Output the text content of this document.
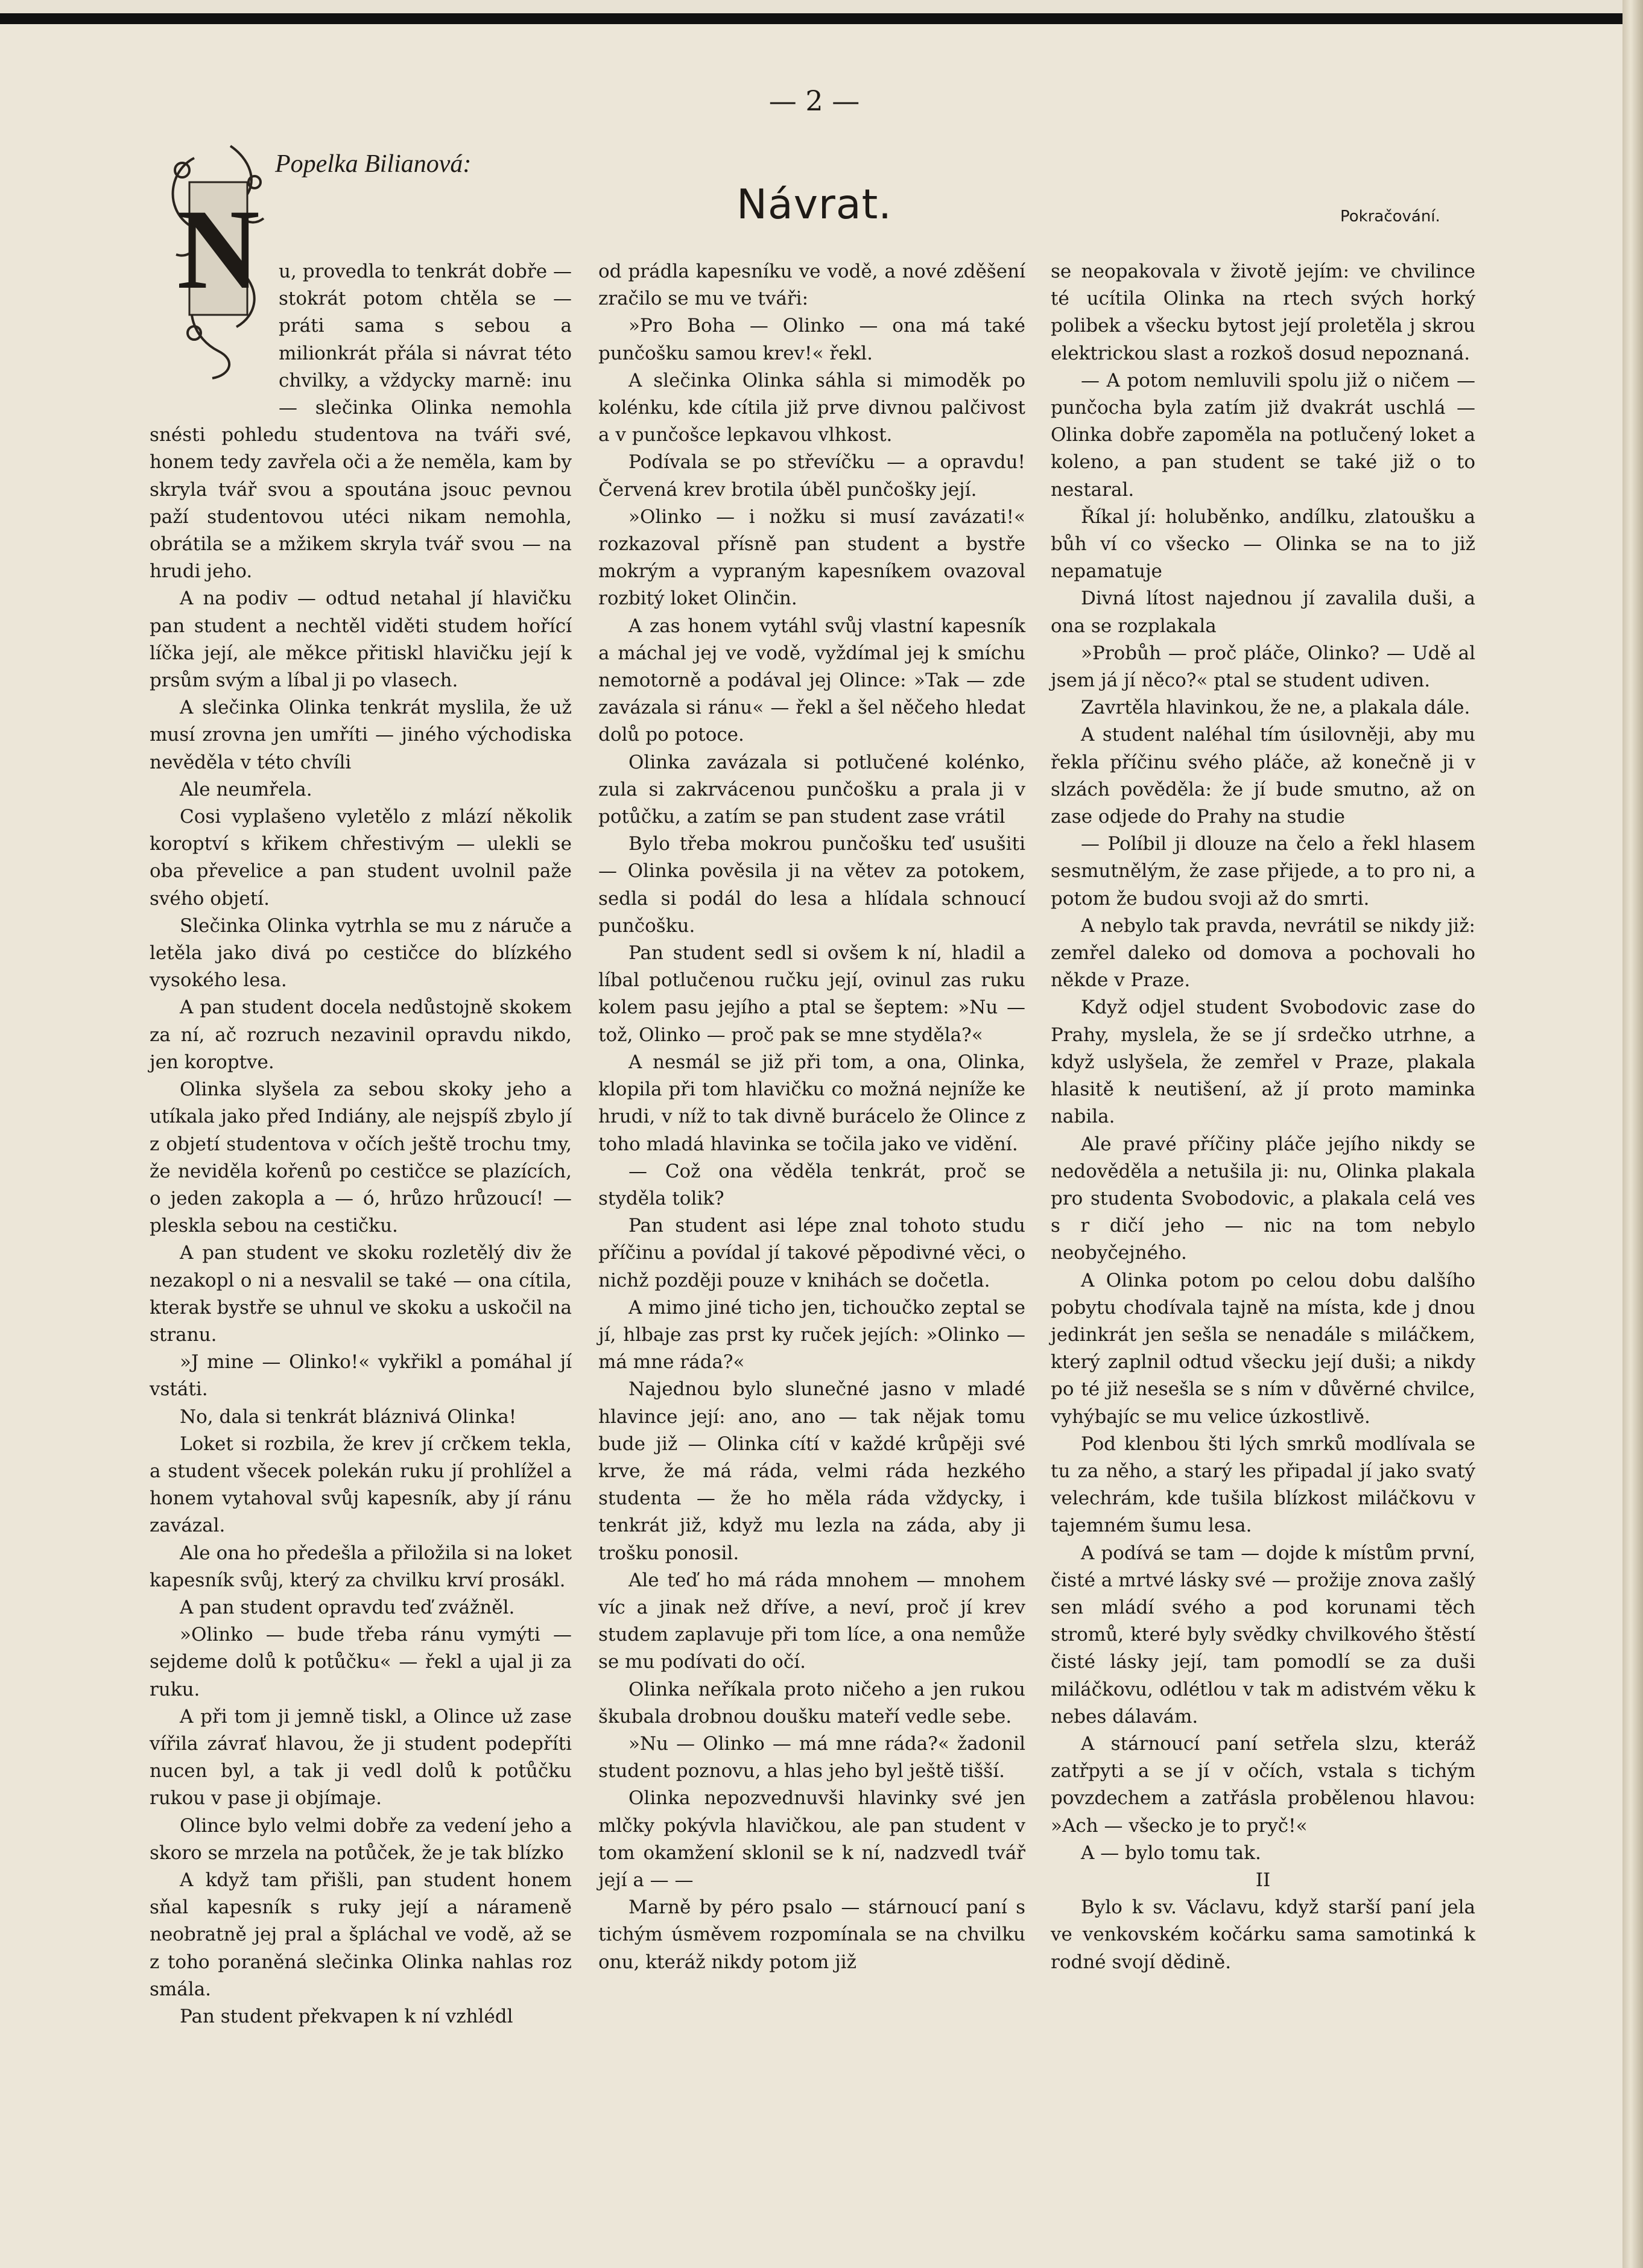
— 2 —
Popelka Bilianová:
Návrat.	Pokračování.
N	u, provedla to tenkrát dobře — stokrát potom chtěla se — práti sama s sebou a milionkrát přála si návrat této chvilky, a vždycky marně: inu — slečinka Olinka nemohla snésti pohledu studentova na tváři své, honem tedy zavřela oči a že neměla, kam by skryla tvář svou a spoutána jsouc pevnou paží studentovou utéci nikam nemohla, obrátila se a mžikem skryla tvář svou — na hrudi jeho.

A na podiv — odtud netahal jí hlavičku pan student a nechtěl viděti studem hořící líčka její, ale měkce přitiskl hlavičku její k prsům svým a líbal ji po vlasech.

A slečinka Olinka tenkrát myslila, že už musí zrovna jen umříti — jiného východiska nevěděla v této chvíli

Ale neumřela.

Cosi vyplašeno vyletělo z mlází několik koroptví s křikem chřestivým — ulekli se oba převelice a pan student uvolnil paže svého objetí.

Slečinka Olinka vytrhla se mu z náruče a letěla jako divá po cestičce do blízkého vysokého lesa.

A pan student docela nedůstojně skokem za ní, ač rozruch nezavinil opravdu nikdo, jen koroptve.

Olinka slyšela za sebou skoky jeho a utíkala jako před Indiány, ale nejspíš zbylo jí z objetí studentova v očích ještě trochu tmy, že neviděla kořenů po cestičce se plazících, o jeden zakopla a — ó, hrůzo hrůzoucí! — pleskla sebou na cestičku.

A pan student ve skoku rozletělý div že nezakopl o ni a nesvalil se také — ona cítila, kterak bystře se uhnul ve skoku a uskočil na stranu.

»J mine — Olinko!« vykřikl a pomáhal jí vstáti.

No, dala si tenkrát bláznivá Olinka!

Loket si rozbila, že krev jí crčkem tekla, a student všecek polekán ruku jí prohlížel a honem vytahoval svůj kapesník, aby jí ránu zavázal.

Ale ona ho předešla a přiložila si na loket kapesník svůj, který za chvilku krví prosákl.

A pan student opravdu teď zvážněl.

»Olinko — bude třeba ránu vymýti — sejdeme dolů k potůčku« — řekl a ujal ji za ruku.

A při tom ji jemně tiskl, a Olince už zase vířila závrať hlavou, že ji student podepříti nucen byl, a tak ji vedl dolů k potůčku rukou v pase ji objímaje.

Olince bylo velmi dobře za vedení jeho a skoro se mrzela na potůček, že je tak blízko

A když tam přišli, pan student honem sňal kapesník s ruky její a nárameně neobratně jej pral a špláchal ve vodě, až se z toho poraněná slečinka Olinka nahlas roz smála.

Pan student překvapen k ní vzhlédl

od prádla kapesníku ve vodě, a nové zděšení zračilo se mu ve tváři:

»Pro Boha — Olinko — ona má také punčošku samou krev!« řekl.

A slečinka Olinka sáhla si mimoděk po kolénku, kde cítila již prve divnou palčivost a v punčošce lepkavou vlhkost.

Podívala se po střevíčku — a opravdu! Červená krev brotila úběl punčošky její.

»Olinko — i nožku si musí zavázati!« rozkazoval přísně pan student a bystře mokrým a vypraným kapesníkem ovazoval rozbitý loket Olinčin.

A zas honem vytáhl svůj vlastní kapesník a máchal jej ve vodě, vyždímal jej k smíchu nemotorně a podával jej Olince: »Tak — zde zavázala si ránu« — řekl a šel něčeho hledat dolů po potoce.

Olinka zavázala si potlučené kolénko, zula si zakrvácenou punčošku a prala ji v potůčku, a zatím se pan student zase vrátil

Bylo třeba mokrou punčošku teď usušiti — Olinka pověsila ji na větev za potokem, sedla si podál do lesa a hlídala schnoucí punčošku.

Pan student sedl si ovšem k ní, hladil a líbal potlučenou ručku její, ovinul zas ruku kolem pasu jejího a ptal se šeptem: »Nu — tož, Olinko — proč pak se mne styděla?«

A nesmál se již při tom, a ona, Olinka, klopila při tom hlavičku co možná nejníže ke hrudi, v níž to tak divně burácelo že Olince z toho mladá hlavinka se točila jako ve vidění.

— Což ona věděla tenkrát, proč se styděla tolik?

Pan student asi lépe znal tohoto studu příčinu a povídal jí takové pěpodivné věci, o nichž později pouze v knihách se dočetla.

A mimo jiné ticho jen, tichoučko zeptal se jí, hlbaje zas prst ky ruček jejích: »Olinko — má mne ráda?«

Najednou bylo slunečné jasno v mladé hlavince její: ano, ano — tak nějak tomu bude již — Olinka cítí v každé krůpěji své krve, že má ráda, velmi ráda hezkého studenta — že ho měla ráda vždycky, i tenkrát již, když mu lezla na záda, aby ji trošku ponosil.

Ale teď ho má ráda mnohem — mnohem víc a jinak než dříve, a neví, proč jí krev studem zaplavuje při tom líce, a ona nemůže se mu podívati do očí.

Olinka neříkala proto ničeho a jen rukou škubala drobnou doušku mateří vedle sebe.

»Nu — Olinko — má mne ráda?« žadonil student poznovu, a hlas jeho byl ještě tišší.

Olinka nepozvednuvši hlavinky své jen mlčky pokývla hlavičkou, ale pan student v tom okamžení sklonil se k ní, nadzvedl tvář její a — —

Marně by péro psalo — stárnoucí paní s tichým úsměvem rozpomínala se na chvilku onu, kteráž nikdy potom již

se neopakovala v životě jejím: ve chvilince té ucítila Olinka na rtech svých horký polibek a všecku bytost její proletěla j skrou elektrickou slast a rozkoš dosud nepoznaná.

— A potom nemluvili spolu již o ničem — punčocha byla zatím již dvakrát uschlá — Olinka dobře zapoměla na potlučený loket a koleno, a pan student se také již o to nestaral.

Říkal jí: holuběnko, andílku, zlatoušku a bůh ví co všecko — Olinka se na to již nepamatuje

Divná lítost najednou jí zavalila duši, a ona se rozplakala

»Probůh — proč pláče, Olinko? — Udě al jsem já jí něco?« ptal se student udiven.

Zavrtěla hlavinkou, že ne, a plakala dále.

A student naléhal tím úsilovněji, aby mu řekla příčinu svého pláče, až konečně ji v slzách pověděla: že jí bude smutno, až on zase odjede do Prahy na studie

— Políbil ji dlouze na čelo a řekl hlasem sesmutnělým, že zase přijede, a to pro ni, a potom že budou svoji až do smrti.

A nebylo tak pravda, nevrátil se nikdy již: zemřel daleko od domova a pochovali ho někde v Praze.

Když odjel student Svobodovic zase do Prahy, myslela, že se jí srdečko utrhne, a když uslyšela, že zemřel v Praze, plakala hlasitě k neutišení, až jí proto maminka nabila.

Ale pravé příčiny pláče jejího nikdy se nedověděla a netušila ji: nu, Olinka plakala pro studenta Svobodovic, a plakala celá ves s r dičí jeho — nic na tom nebylo neobyčejného.

A Olinka potom po celou dobu dalšího pobytu chodívala tajně na místa, kde j dnou jedinkrát jen sešla se nenadále s miláčkem, který zaplnil odtud všecku její duši; a nikdy po té již nesešla se s ním v důvěrné chvilce, vyhýbajíc se mu velice úzkostlivě.

Pod klenbou šti lých smrků modlívala se tu za něho, a starý les připadal jí jako svatý velechrám, kde tušila blízkost miláčkovu v tajemném šumu lesa.

A podívá se tam — dojde k místům první, čisté a mrtvé lásky své — prožije znova zašlý sen mládí svého a pod korunami těch stromů, které byly svědky chvilkového štěstí čisté lásky její, tam pomodlí se za duši miláčkovu, odlétlou v tak m adistvém věku k nebes dálavám.

A stárnoucí paní setřela slzu, kteráž zatřpyti a se jí v očích, vstala s tichým povzdechem a zatřásla probělenou hlavou: »Ach — všecko je to pryč!«

A — bylo tomu tak.

II

Bylo k sv. Václavu, když starší paní jela ve venkovském kočárku sama samotinká k rodné svojí dědině.
